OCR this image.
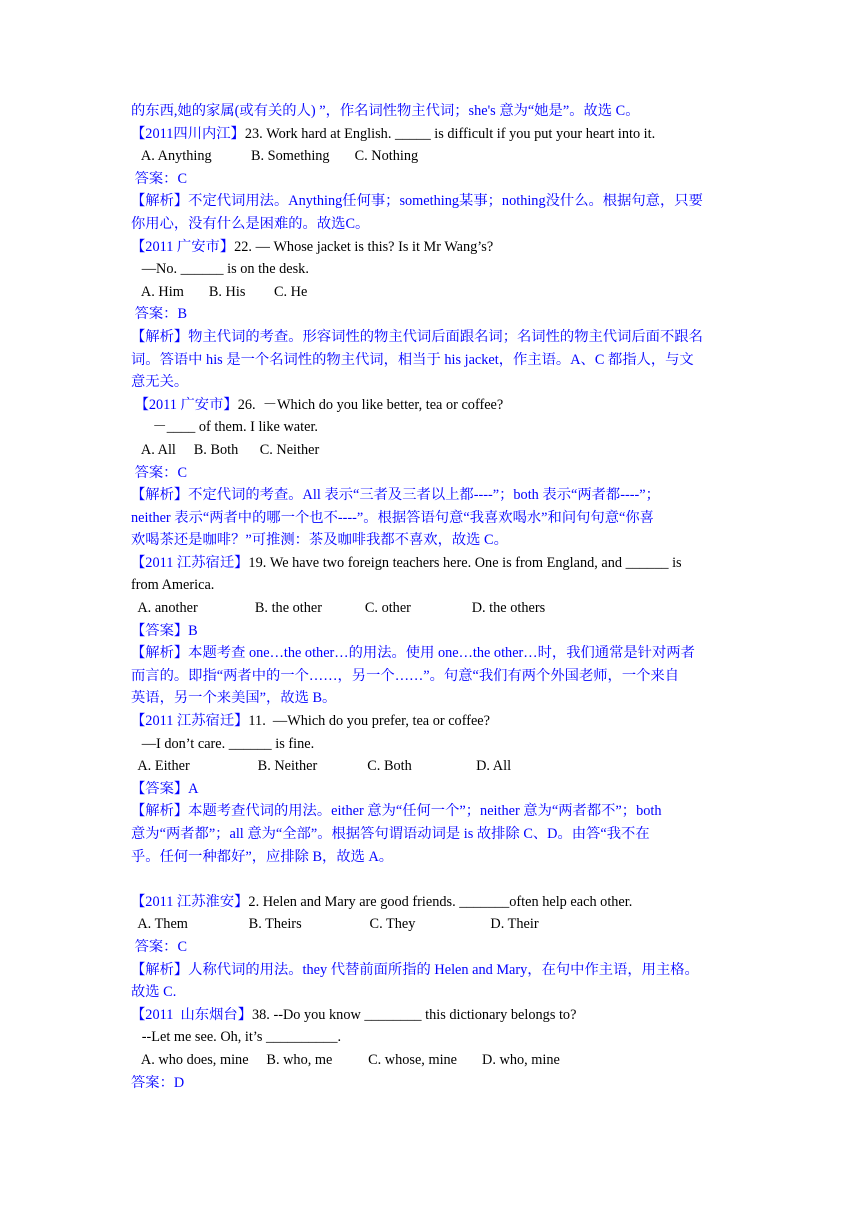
的东西,她的家属(或有关的人) ”，作名词性物主代词；she's 意为“她是”。故选 C。
【2011四川内江】23. Work hard at English. _____ is difficult if you put your heart into it.
A. Anything           B. Something       C. Nothing
答案：C
【解析】不定代词用法。Anything任何事；something某事；nothing没什么。根据句意，只要
你用心，没有什么是困难的。故选C。
【2011 广安市】22. — Whose jacket is this? Is it Mr Wang’s?
—No. ______ is on the desk.
A. Him       B. His        C. He
答案：B
【解析】物主代词的考查。形容词性的物主代词后面跟名词；名词性的物主代词后面不跟名
词。答语中 his 是一个名词性的物主代词，相当于 his jacket，作主语。A、C 都指人，与文
意无关。
【2011 广安市】26.  －Which do you like better, tea or coffee?
－____ of them. I like water.
A. All     B. Both      C. Neither
答案：C
【解析】不定代词的考查。All 表示“三者及三者以上都----”；both 表示“两者都----”；
neither 表示“两者中的哪一个也不----”。根据答语句意“我喜欢喝水”和问句句意“你喜
欢喝茶还是咖啡？”可推测：茶及咖啡我都不喜欢，故选 C。
【2011 江苏宿迁】19. We have two foreign teachers here. One is from England, and ______ is
from America.
A. another                B. the other            C. other                 D. the others
【答案】B
【解析】本题考查 one…the other…的用法。使用 one…the other…时，我们通常是针对两者
而言的。即指“两者中的一个……，另一个……”。句意“我们有两个外国老师，一个来自
英语，另一个来美国”，故选 B。
【2011 江苏宿迁】11.  —Which do you prefer, tea or coffee?
—I don’t care. ______ is fine.
A. Either                   B. Neither              C. Both                  D. All
【答案】A
【解析】本题考查代词的用法。either 意为“任何一个”；neither 意为“两者都不”；both
意为“两者都”；all 意为“全部”。根据答句谓语动词是 is 故排除 C、D。由答“我不在
乎。任何一种都好”，应排除 B，故选 A。
【2011 江苏淮安】2. Helen and Mary are good friends. _______often help each other.
A. Them                 B. Theirs                   C. They                     D. Their
答案：C
【解析】人称代词的用法。they 代替前面所指的 Helen and Mary，在句中作主语，用主格。
故选 C.
【2011  山东烟台】38. --Do you know ________ this dictionary belongs to?
--Let me see. Oh, it’s __________.
A. who does, mine     B. who, me          C. whose, mine       D. who, mine
答案：D
